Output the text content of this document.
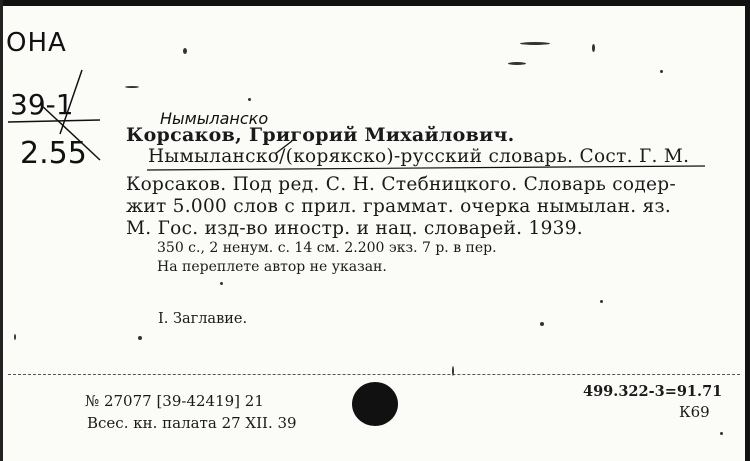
OHA
39-1
2.55
Нымыланско
Корсаков, Григорий Михайлович.
Нымыланско/(корякско)-русский словарь. Сост. Г. М.
Корсаков. Под ред. С. Н. Стебницкого. Словарь содер-
жит 5.000 слов с прил. граммат. очерка нымылан. яз.
М. Гос. изд-во иностр. и нац. словарей. 1939.
350 с., 2 ненум. с. 14 см. 2.200 экз. 7 р. в пер.
На переплете автор не указан.
I. Заглавие.
№ 27077 [39-42419] 21
Всес. кн. палата 27 XII. 39
499.322-3=91.71
К69
